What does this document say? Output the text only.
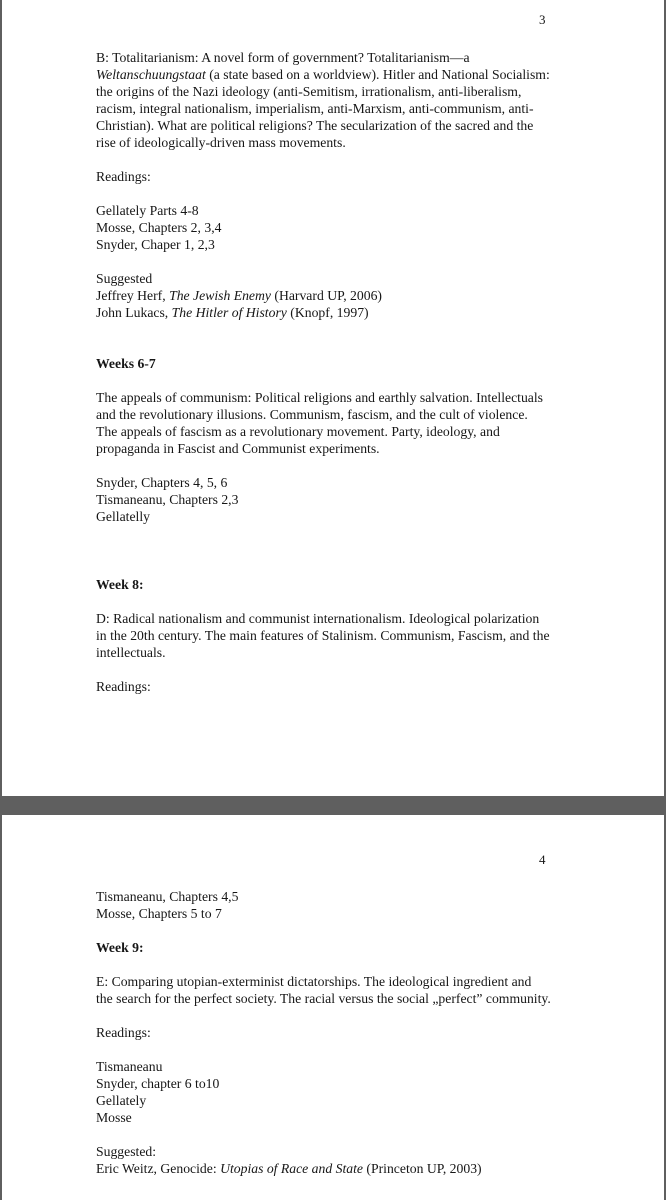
3

B: Totalitarianism: A novel form of government? Totalitarianism—a Weltanschuungstaat (a state based on a worldview). Hitler and National Socialism: the origins of the Nazi ideology (anti-Semitism, irrationalism, anti-liberalism, racism, integral nationalism, imperialism, anti-Marxism, anti-communism, anti-Christian). What are political religions? The secularization of the sacred and the rise of ideologically-driven mass movements.

Readings:

Gellately Parts 4-8

Mosse, Chapters 2, 3,4

Snyder, Chaper 1, 2,3

Suggested

Jeffrey Herf, The Jewish Enemy (Harvard UP, 2006)

John Lukacs, The Hitler of History (Knopf, 1997)

Weeks 6-7

The appeals of communism: Political religions and earthly salvation. Intellectuals and the revolutionary illusions. Communism, fascism, and the cult of violence. The appeals of fascism as a revolutionary movement. Party, ideology, and propaganda in Fascist and Communist experiments.

Snyder, Chapters 4, 5, 6

Tismaneanu, Chapters 2,3

Gellatelly

Week 8:

D: Radical nationalism and communist internationalism. Ideological polarization in the 20th century. The main features of Stalinism. Communism, Fascism, and the intellectuals.

Readings:

4

Tismaneanu, Chapters 4,5

Mosse, Chapters 5 to 7

Week 9:

E: Comparing utopian-exterminist dictatorships. The ideological ingredient and the search for the perfect society. The racial versus the social „perfect” community.

Readings:

Tismaneanu

Snyder, chapter 6 to10

Gellately

Mosse

Suggested:

Eric Weitz, Genocide: Utopias of Race and State (Princeton UP, 2003)
